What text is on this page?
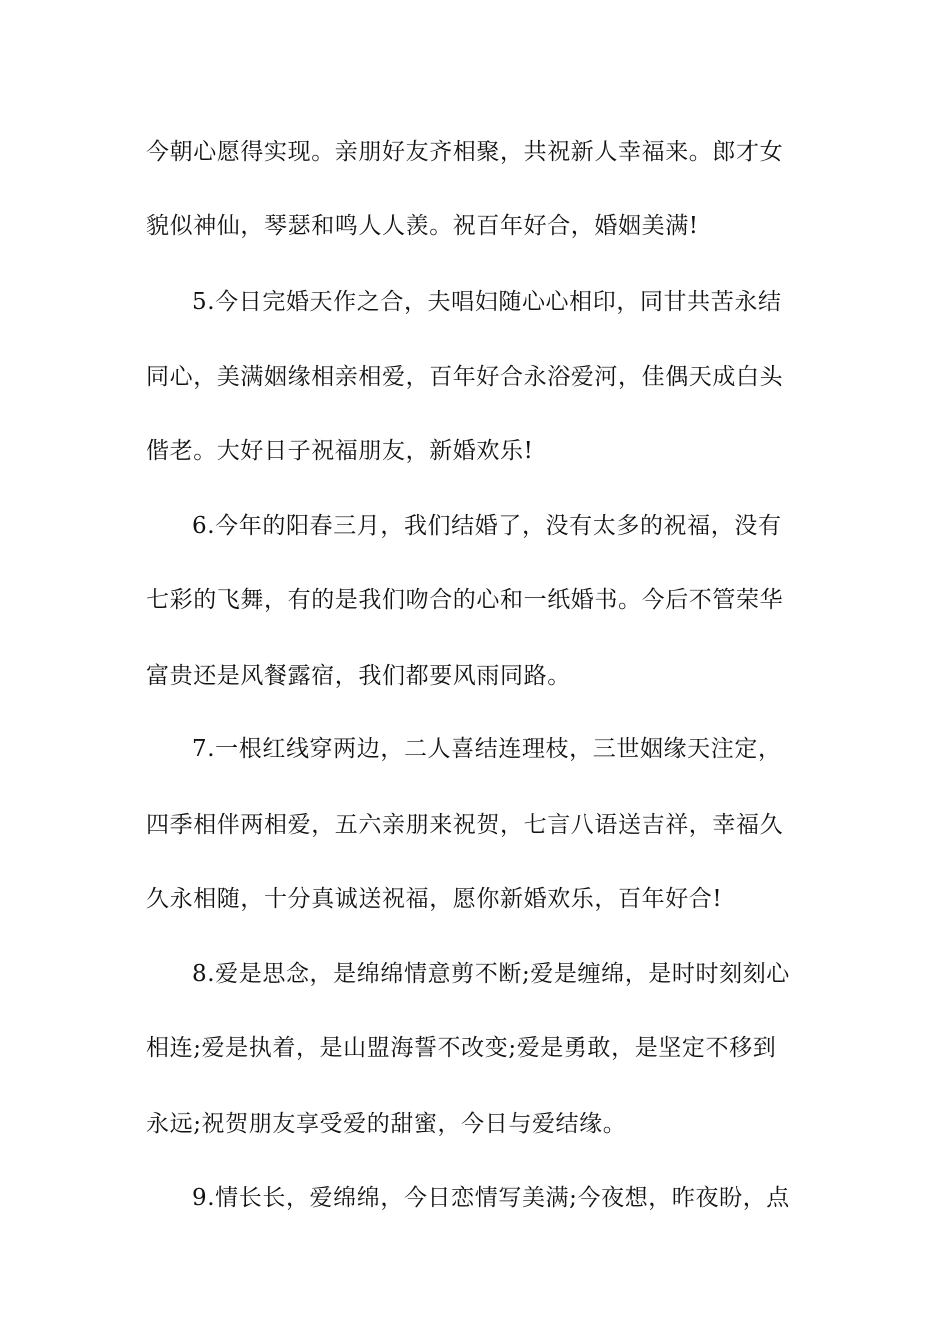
今朝心愿得实现。亲朋好友齐相聚，共祝新人幸福来。郎才女
貌似神仙，琴瑟和鸣人人羡。祝百年好合，婚姻美满!
5.今日完婚天作之合，夫唱妇随心心相印，同甘共苦永结
同心，美满姻缘相亲相爱，百年好合永浴爱河，佳偶天成白头
偕老。大好日子祝福朋友，新婚欢乐!
6.今年的阳春三月，我们结婚了，没有太多的祝福，没有
七彩的飞舞，有的是我们吻合的心和一纸婚书。今后不管荣华
富贵还是风餐露宿，我们都要风雨同路。
7.一根红线穿两边，二人喜结连理枝，三世姻缘天注定，
四季相伴两相爱，五六亲朋来祝贺，七言八语送吉祥，幸福久
久永相随，十分真诚送祝福，愿你新婚欢乐，百年好合!
8.爱是思念，是绵绵情意剪不断;爱是缠绵，是时时刻刻心
相连;爱是执着，是山盟海誓不改变;爱是勇敢，是坚定不移到
永远;祝贺朋友享受爱的甜蜜，今日与爱结缘。
9.情长长，爱绵绵，今日恋情写美满;今夜想，昨夜盼，点
